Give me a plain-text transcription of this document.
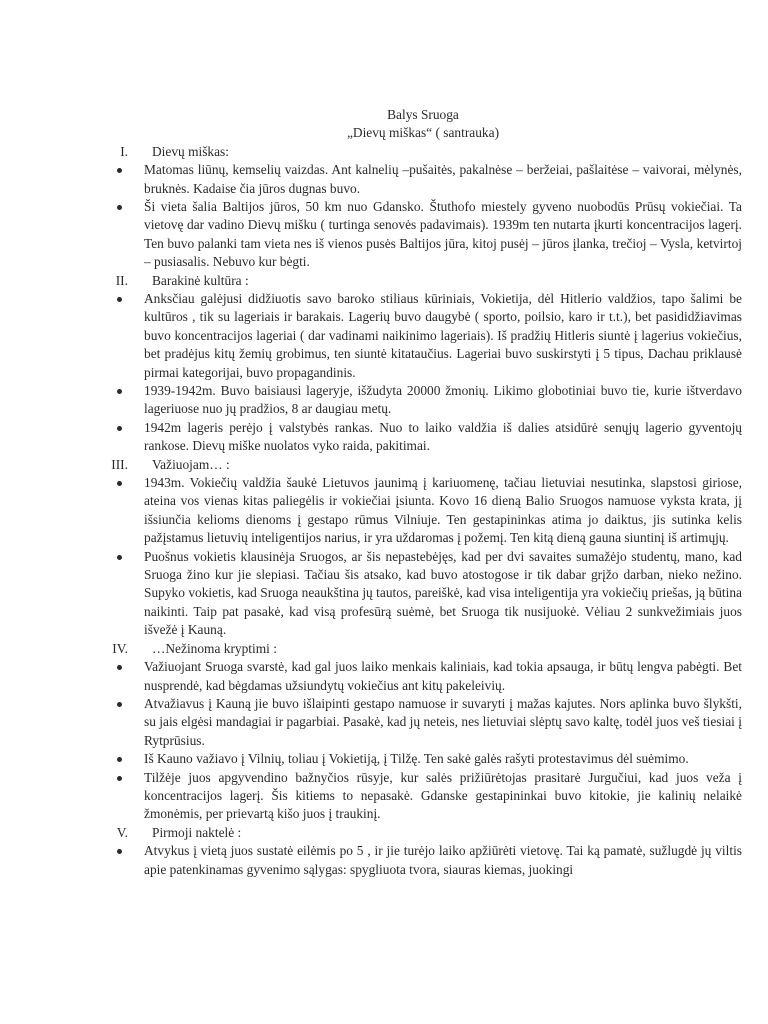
Balys Sruoga
„Dievų miškas“ ( santrauka)
I. Dievų miškas:
Matomas liūnų, kemselių vaizdas. Ant kalnelių –pušaitės, pakalnėse – beržeiai, pašlaitėse – vaivorai, mėlynės, bruknės. Kadaise čia jūros dugnas buvo.
Ši vieta šalia Baltijos jūros, 50 km nuo Gdansko. Štuthofo miestely gyveno nuobodūs Prūsų vokiečiai. Ta vietovę dar vadino Dievų mišku ( turtinga senovės padavimais). 1939m ten nutarta įkurti koncentracijos lagerį. Ten buvo palanki tam vieta nes iš vienos pusės Baltijos jūra, kitoj pusėj – jūros įlanka, trečioj – Vysla, ketvirtoj – pusiasalis. Nebuvo kur bėgti.
II. Barakinė kultūra :
Anksčiau galėjusi didžiuotis savo baroko stiliaus kūriniais, Vokietija, dėl Hitlerio valdžios, tapo šalimi be kultūros , tik su lageriais ir barakais. Lagerių buvo daugybė ( sporto, poilsio, karo ir t.t.), bet pasididžiavimas buvo koncentracijos lageriai ( dar vadinami naikinimo lageriais). Iš pradžių Hitleris siuntė į lagerius vokiečius, bet pradėjus kitų žemių grobimus, ten siuntė kitataučius. Lageriai buvo suskirstyti į 5 tipus, Dachau priklausė pirmai kategorijai, buvo propagandinis.
1939-1942m. Buvo baisiausi lageryje, išžudyta 20000 žmonių. Likimo globotiniai buvo tie, kurie ištverdavo lageriuose nuo jų pradžios, 8 ar daugiau metų.
1942m lageris perėjo į valstybės rankas. Nuo to laiko valdžia iš dalies atsidūrė senųjų lagerio gyventojų rankose. Dievų miške nuolatos vyko raida, pakitimai.
III. Važiuojam… :
1943m. Vokiečių valdžia šaukė Lietuvos jaunimą į kariuomenę, tačiau lietuviai nesutinka, slapstosi giriose, ateina vos vienas kitas paliegėlis ir vokiečiai įsiunta. Kovo 16 dieną Balio Sruogos namuose vyksta krata, jį išsiunčia kelioms dienoms į gestapo rūmus Vilniuje. Ten gestapininkas atima jo daiktus, jis sutinka kelis pažįstamus lietuvių inteligentijos narius, ir yra uždaromas į požemį. Ten kitą dieną gauna siuntinį iš artimųjų.
Puošnus vokietis klausinėja Sruogos, ar šis nepastebėjęs, kad per dvi savaites sumažėjo studentų, mano, kad Sruoga žino kur jie slepiasi. Tačiau šis atsako, kad buvo atostogose ir tik dabar grįžo darban, nieko nežino. Supyko vokietis, kad Sruoga neaukština jų tautos, pareiškė, kad visa inteligentija yra vokiečių priešas, ją būtina naikinti. Taip pat pasakė, kad visą profesūrą suėmė, bet Sruoga tik nusijuokė. Vėliau 2 sunkvežimiais juos išvežė į Kauną.
IV. …Nežinoma kryptimi :
Važiuojant Sruoga svarstė, kad gal juos laiko menkais kaliniais, kad tokia apsauga, ir būtų lengva pabėgti. Bet nusprendė, kad bėgdamas užsiundytų vokiečius ant kitų pakeleivių.
Atvažiavus į Kauną jie buvo išlaipinti gestapo namuose ir suvaryti į mažas kajutes. Nors aplinka buvo šlykšti, su jais elgėsi mandagiai ir pagarbiai. Pasakė, kad jų neteis, nes lietuviai slėptų savo kaltę, todėl juos veš tiesiai į Rytprūsius.
Iš Kauno važiavo į Vilnių, toliau į Vokietiją, į Tilžę. Ten sakė galės rašyti protestavimus dėl suėmimo.
Tilžėje juos apgyvendino bažnyčios rūsyje, kur salės prižiūrėtojas prasitarė Jurgučiui, kad juos veža į koncentracijos lagerį. Šis kitiems to nepasakė. Gdanske gestapininkai buvo kitokie, jie kalinių nelaikė žmonėmis, per prievartą kišo juos į traukinį.
V. Pirmoji naktelė :
Atvykus į vietą juos sustatė eilėmis po 5 , ir jie turėjo laiko apžiūrėti vietovę. Tai ką pamatė, sužlugdė jų viltis apie patenkinamas gyvenimo sąlygas: spygliuota tvora, siauras kiemas, juokingi
